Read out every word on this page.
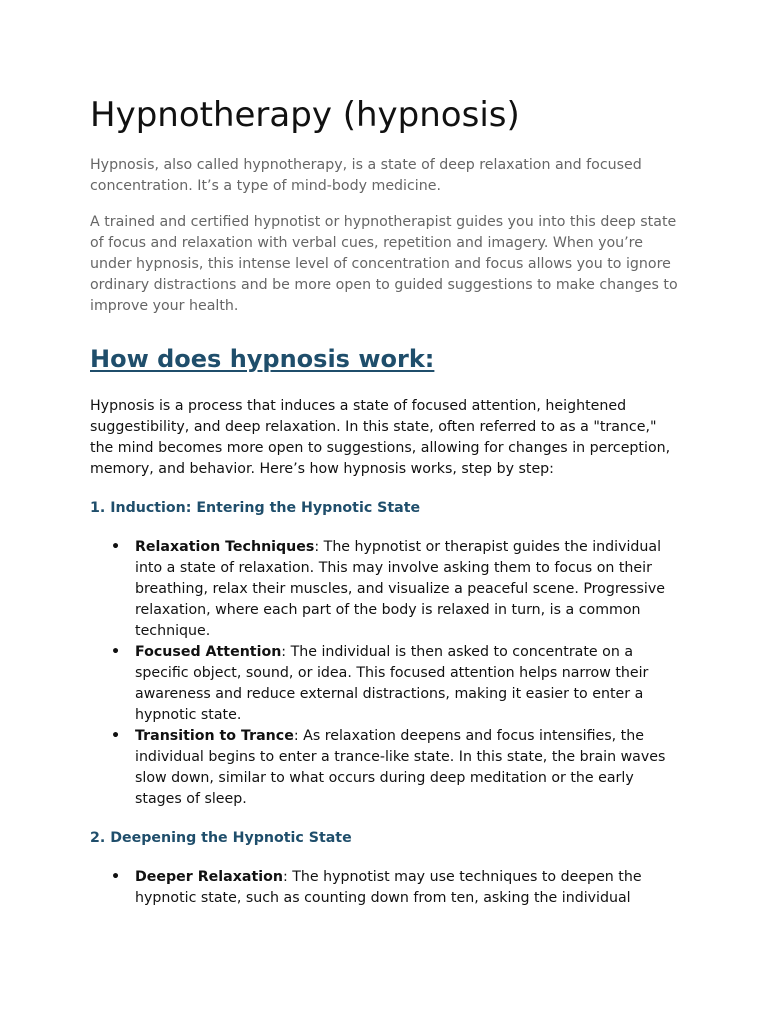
Hypnotherapy (hypnosis)

Hypnosis, also called hypnotherapy, is a state of deep relaxation and focused concentration. It’s a type of mind-body medicine.

A trained and certified hypnotist or hypnotherapist guides you into this deep state of focus and relaxation with verbal cues, repetition and imagery. When you’re under hypnosis, this intense level of concentration and focus allows you to ignore ordinary distractions and be more open to guided suggestions to make changes to improve your health.

How does hypnosis work:

Hypnosis is a process that induces a state of focused attention, heightened suggestibility, and deep relaxation. In this state, often referred to as a "trance," the mind becomes more open to suggestions, allowing for changes in perception, memory, and behavior. Here’s how hypnosis works, step by step:

1. Induction: Entering the Hypnotic State
• Relaxation Techniques: The hypnotist or therapist guides the individual into a state of relaxation. This may involve asking them to focus on their breathing, relax their muscles, and visualize a peaceful scene. Progressive relaxation, where each part of the body is relaxed in turn, is a common technique.
• Focused Attention: The individual is then asked to concentrate on a specific object, sound, or idea. This focused attention helps narrow their awareness and reduce external distractions, making it easier to enter a hypnotic state.
• Transition to Trance: As relaxation deepens and focus intensifies, the individual begins to enter a trance-like state. In this state, the brain waves slow down, similar to what occurs during deep meditation or the early stages of sleep.
2. Deepening the Hypnotic State
• Deeper Relaxation: The hypnotist may use techniques to deepen the hypnotic state, such as counting down from ten, asking the individual
